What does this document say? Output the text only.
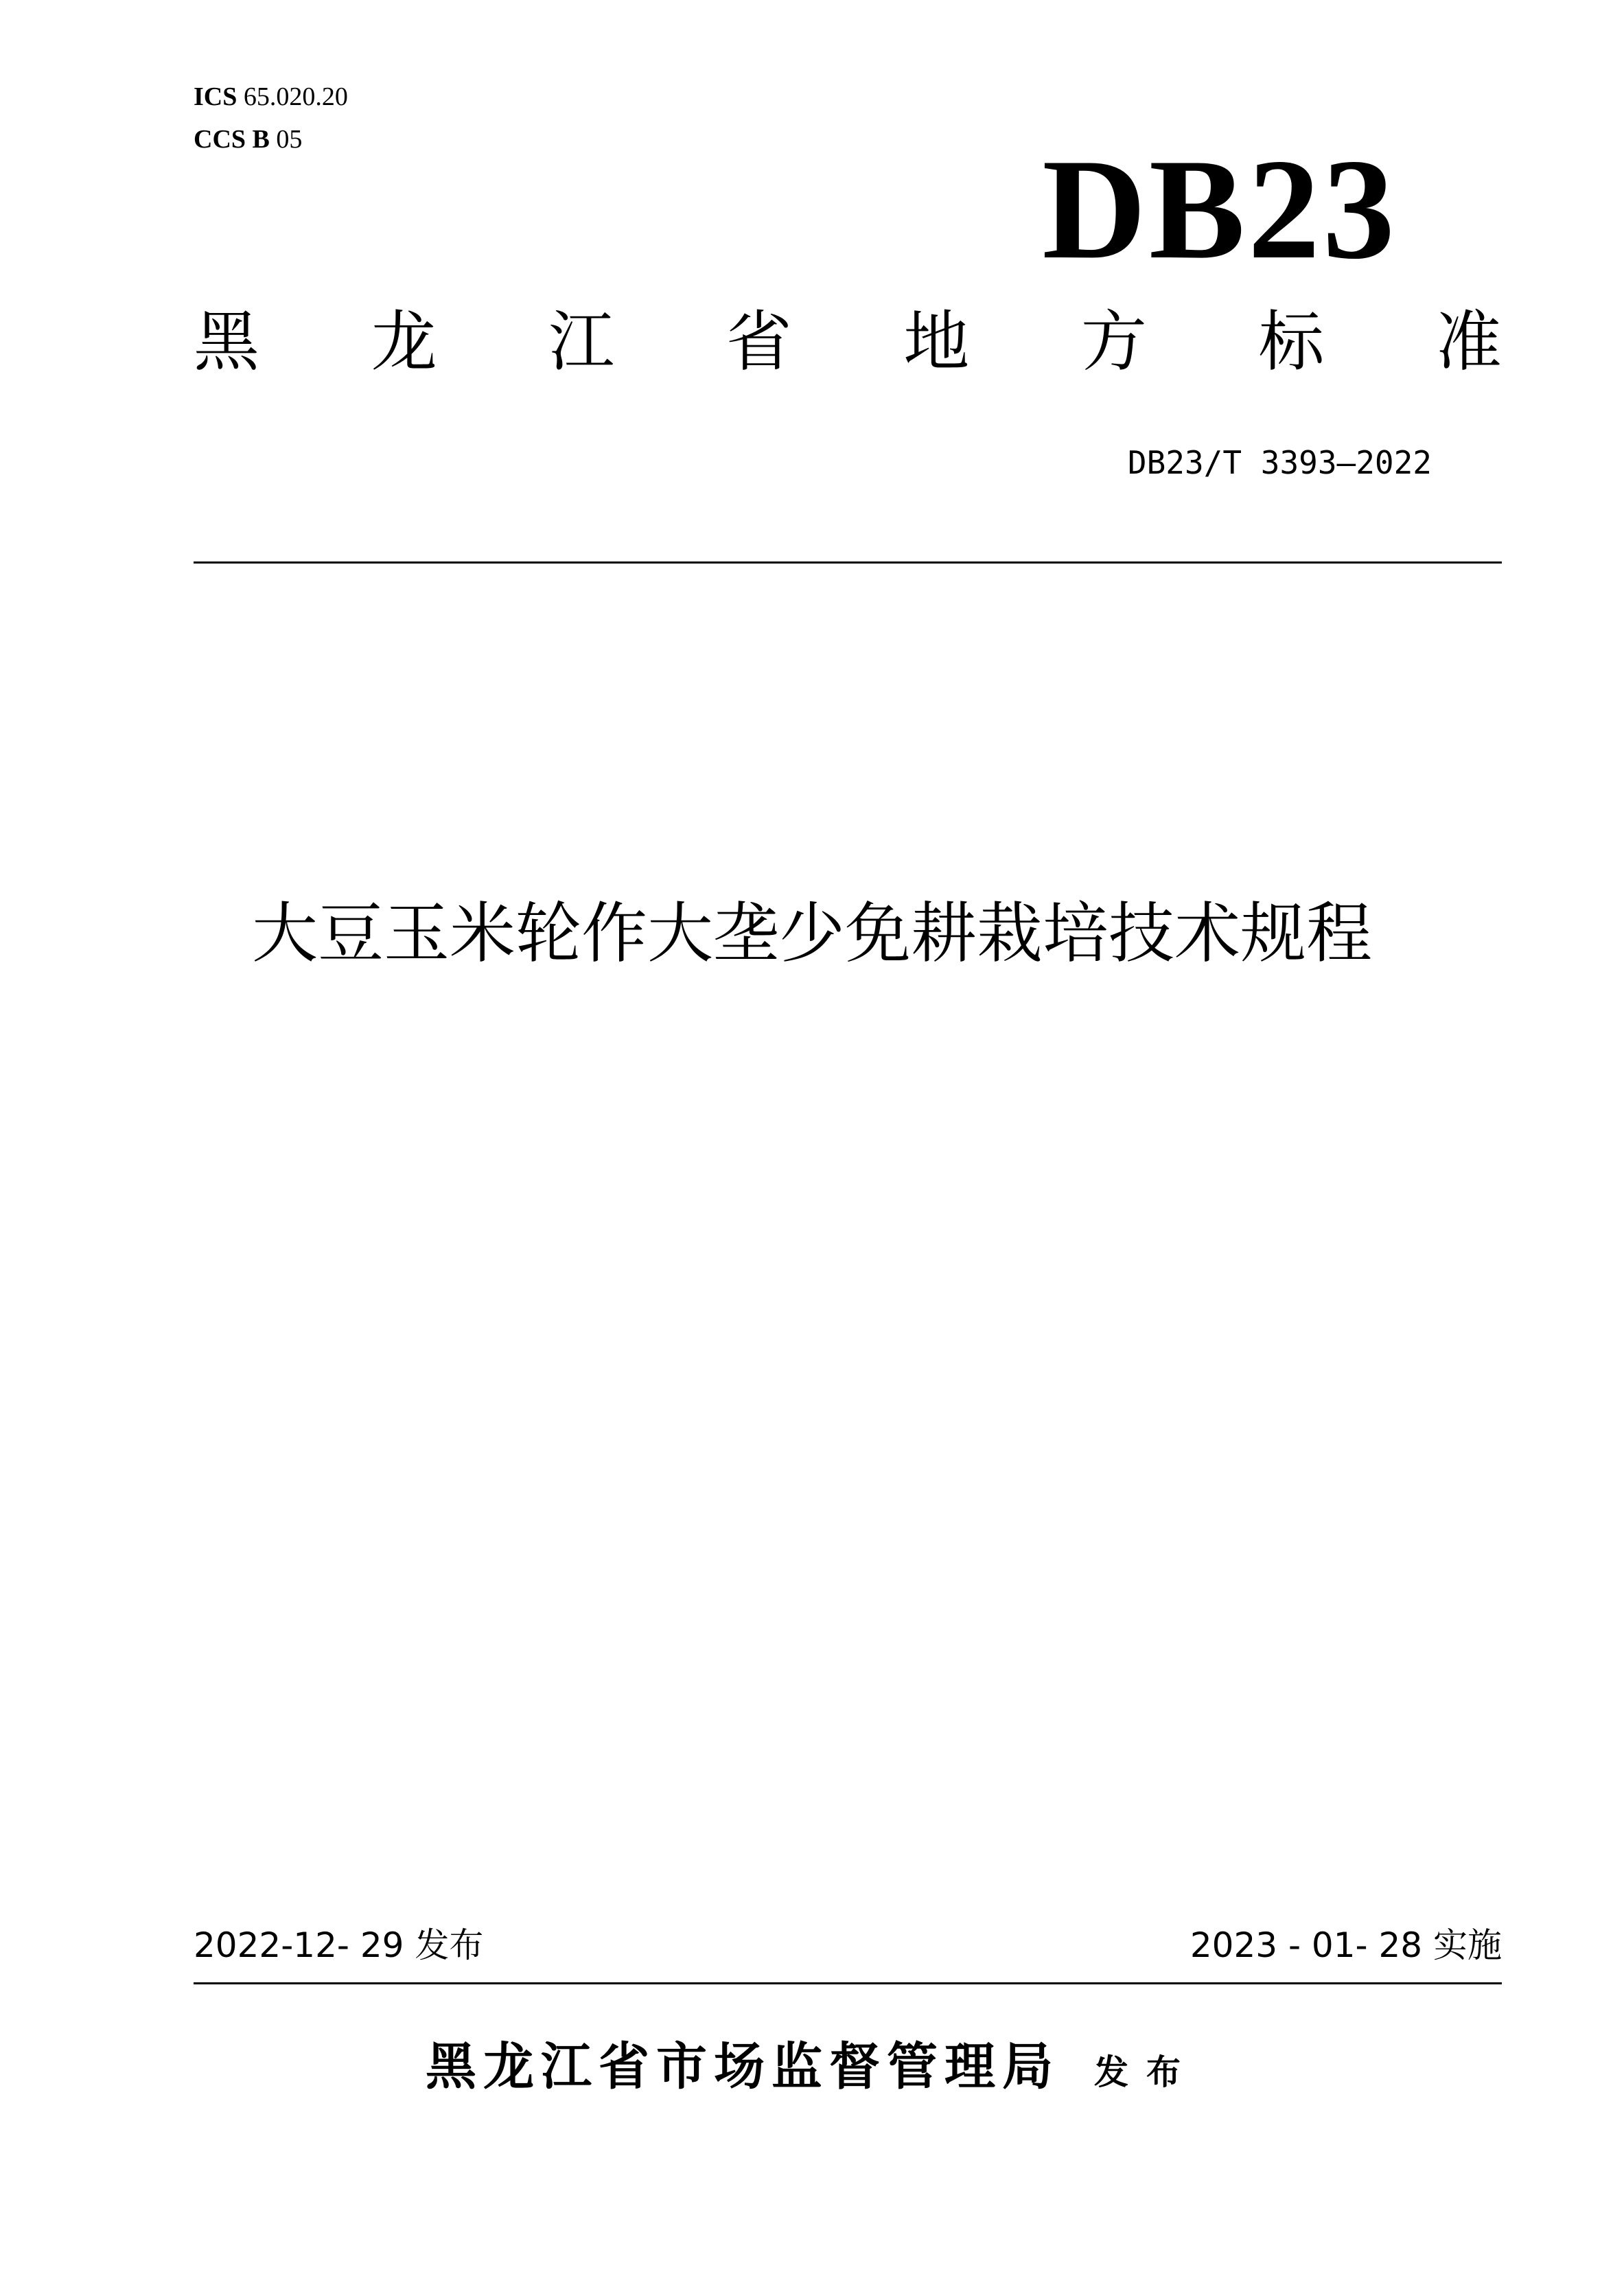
ICS 65.020.20
CCS B 05	DB23
黑 龙 江 省 地 方 标 准
DB23/T 3393—2022
大豆玉米轮作大垄少免耕栽培技术规程
2022-12- 29 发布	2023 - 01- 28 实施
黑龙江省市场监督管理局 发布
